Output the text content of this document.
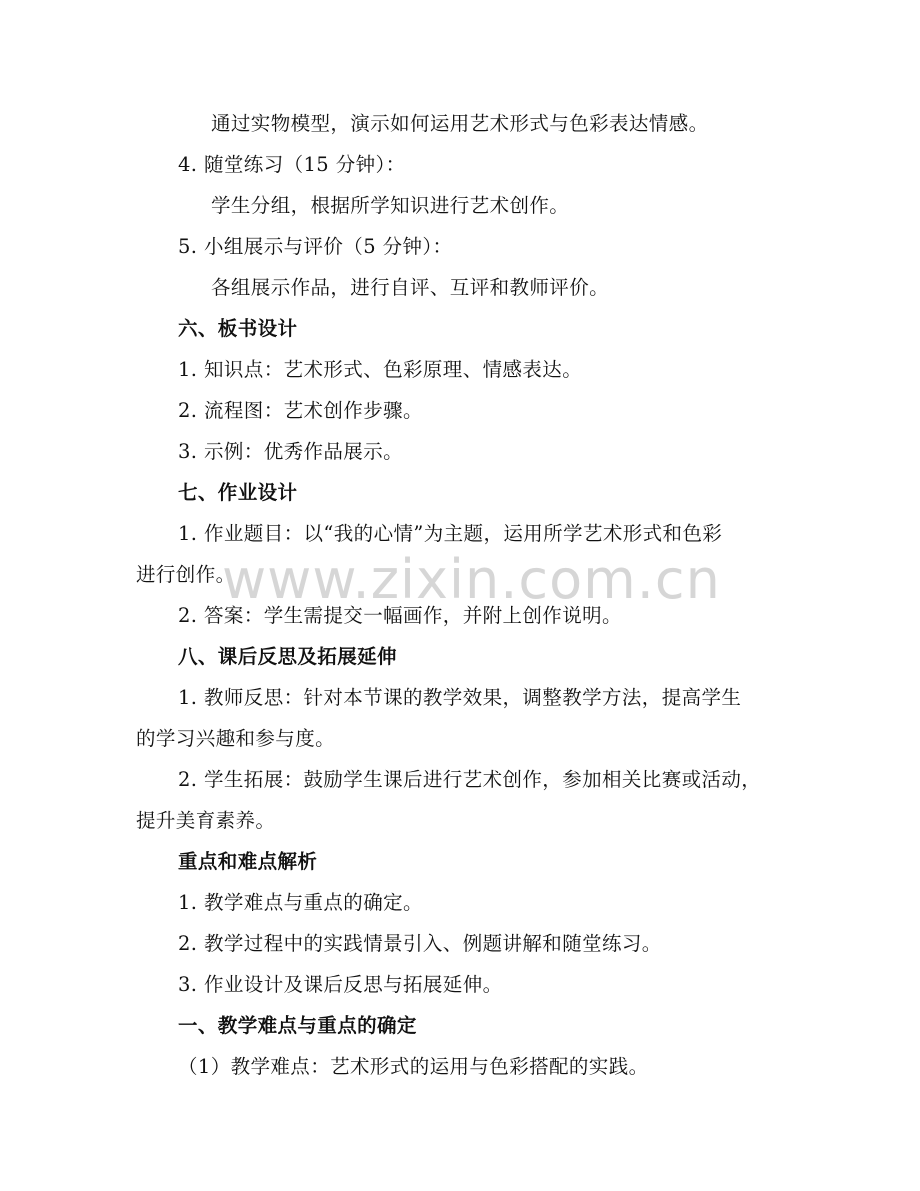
www.zixin.com.cn
通过实物模型，演示如何运用艺术形式与色彩表达情感。
4. 随堂练习（15 分钟）：
学生分组，根据所学知识进行艺术创作。
5. 小组展示与评价（5 分钟）：
各组展示作品，进行自评、互评和教师评价。
六、板书设计
1. 知识点：艺术形式、色彩原理、情感表达。
2. 流程图：艺术创作步骤。
3. 示例：优秀作品展示。
七、作业设计
1. 作业题目：以“我的心情”为主题，运用所学艺术形式和色彩
进行创作。
2. 答案：学生需提交一幅画作，并附上创作说明。
八、课后反思及拓展延伸
1. 教师反思：针对本节课的教学效果，调整教学方法，提高学生
的学习兴趣和参与度。
2. 学生拓展：鼓励学生课后进行艺术创作，参加相关比赛或活动，
提升美育素养。
重点和难点解析
1. 教学难点与重点的确定。
2. 教学过程中的实践情景引入、例题讲解和随堂练习。
3. 作业设计及课后反思与拓展延伸。
一、教学难点与重点的确定
（1）教学难点：艺术形式的运用与色彩搭配的实践。
